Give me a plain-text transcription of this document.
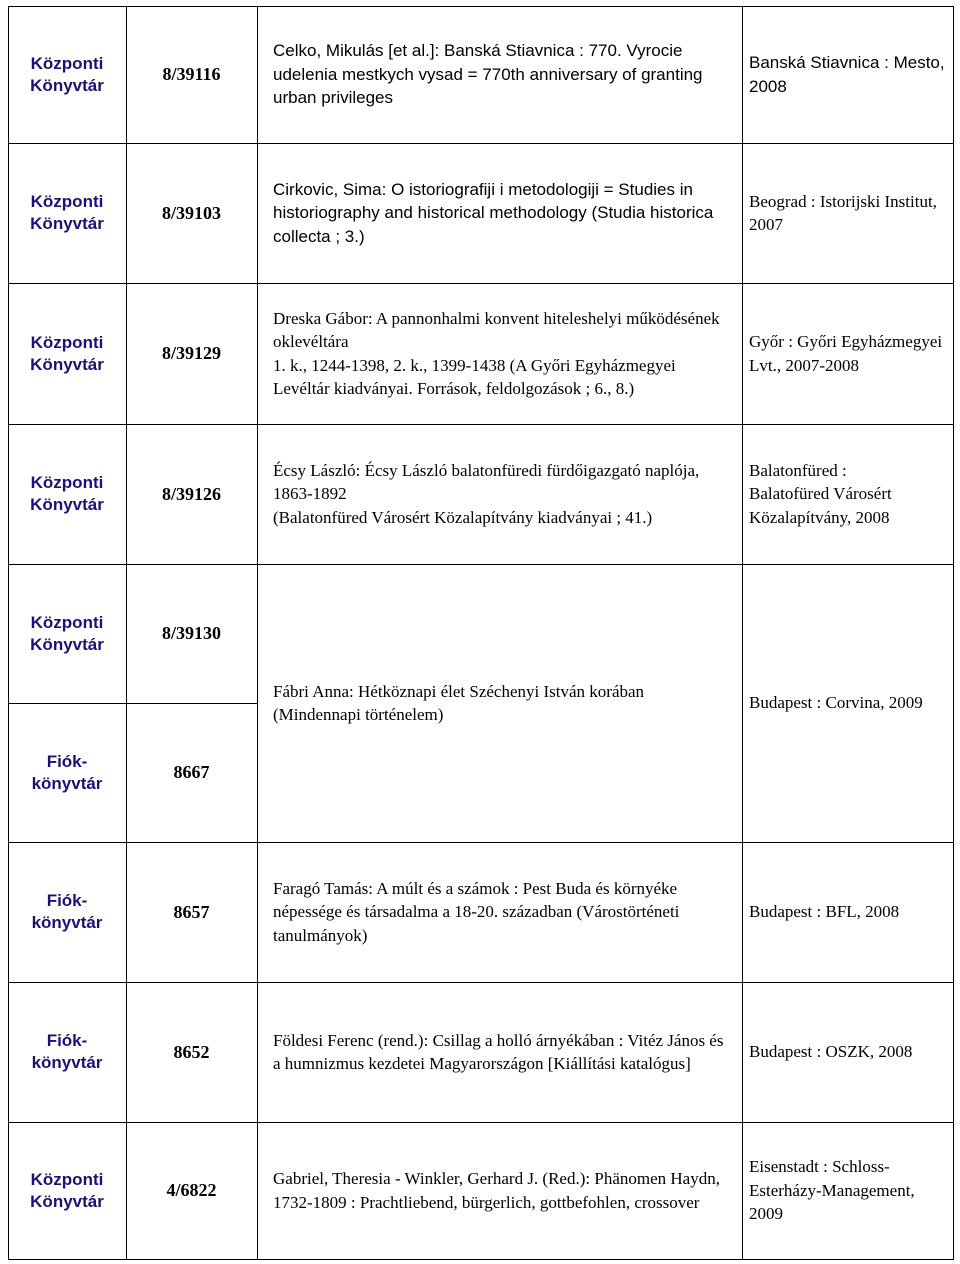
Központi
Könyvtár
8/39116
Celko, Mikulás [et al.]: Banská Stiavnica : 770. Vyrocie udelenia mestkych vysad = 770th anniversary of granting urban privileges
Banská Stiavnica : Mesto, 2008
Központi
Könyvtár
8/39103
Cirkovic, Sima: O istoriografiji i metodologiji = Studies in historiography and historical methodology (Studia historica collecta ; 3.)
Beograd : Istorijski Institut, 2007
Központi
Könyvtár
8/39129
Dreska Gábor: A pannonhalmi konvent hiteleshelyi működésének oklevéltára
1. k., 1244-1398, 2. k., 1399-1438 (A Győri Egyházmegyei Levéltár kiadványai. Források, feldolgozások ; 6., 8.)
Győr : Győri Egyházmegyei Lvt., 2007-2008
Központi
Könyvtár
8/39126
Écsy László: Écsy László balatonfüredi fürdőigazgató naplója, 1863-1892
(Balatonfüred Városért Közalapítvány kiadványai ; 41.)
Balatonfüred :
Balatofüred Városért Közalapítvány, 2008
Központi
Könyvtár
8/39130
Fábri Anna: Hétköznapi élet Széchenyi István korában (Mindennapi történelem)
Budapest : Corvina, 2009
Fiók-
könyvtár
8667
Fiók-
könyvtár
8657
Faragó Tamás: A múlt és a számok : Pest Buda és környéke népessége és társadalma a 18-20. században (Várostörténeti tanulmányok)
Budapest : BFL, 2008
Fiók-
könyvtár
8652
Földesi Ferenc (rend.): Csillag a holló árnyékában : Vitéz János és a humnizmus kezdetei Magyarországon [Kiállítási katalógus]
Budapest : OSZK, 2008
Központi
Könyvtár
4/6822
Gabriel, Theresia - Winkler, Gerhard J. (Red.): Phänomen Haydn, 1732-1809 : Prachtliebend, bürgerlich, gottbefohlen, crossover
Eisenstadt : Schloss-Esterházy-Management, 2009
